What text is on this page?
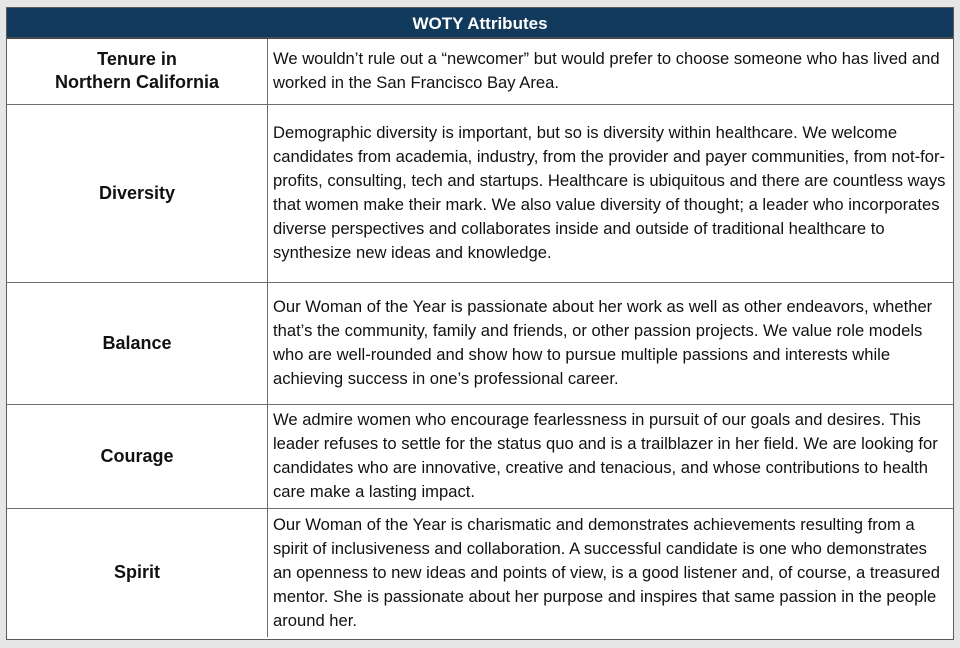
WOTY Attributes
Tenure in
Northern California	We wouldn’t rule out a “newcomer” but would prefer to choose someone who has lived and worked in the San Francisco Bay Area.
Diversity	Demographic diversity is important, but so is diversity within healthcare. We welcome candidates from academia, industry, from the provider and payer communities, from not-for-profits, consulting, tech and startups. Healthcare is ubiquitous and there are countless ways that women make their mark. We also value diversity of thought; a leader who incorporates diverse perspectives and collaborates inside and outside of traditional healthcare to synthesize new ideas and knowledge.
Balance	Our Woman of the Year is passionate about her work as well as other endeavors, whether that’s the community, family and friends, or other passion projects. We value role models who are well-rounded and show how to pursue multiple passions and interests while achieving success in one’s professional career.
Courage	We admire women who encourage fearlessness in pursuit of our goals and desires. This leader refuses to settle for the status quo and is a trailblazer in her field. We are looking for candidates who are innovative, creative and tenacious, and whose contributions to health care make a lasting impact.
Spirit	Our Woman of the Year is charismatic and demonstrates achievements resulting from a spirit of inclusiveness and collaboration. A successful candidate is one who demonstrates an openness to new ideas and points of view, is a good listener and, of course, a treasured mentor. She is passionate about her purpose and inspires that same passion in the people around her.
